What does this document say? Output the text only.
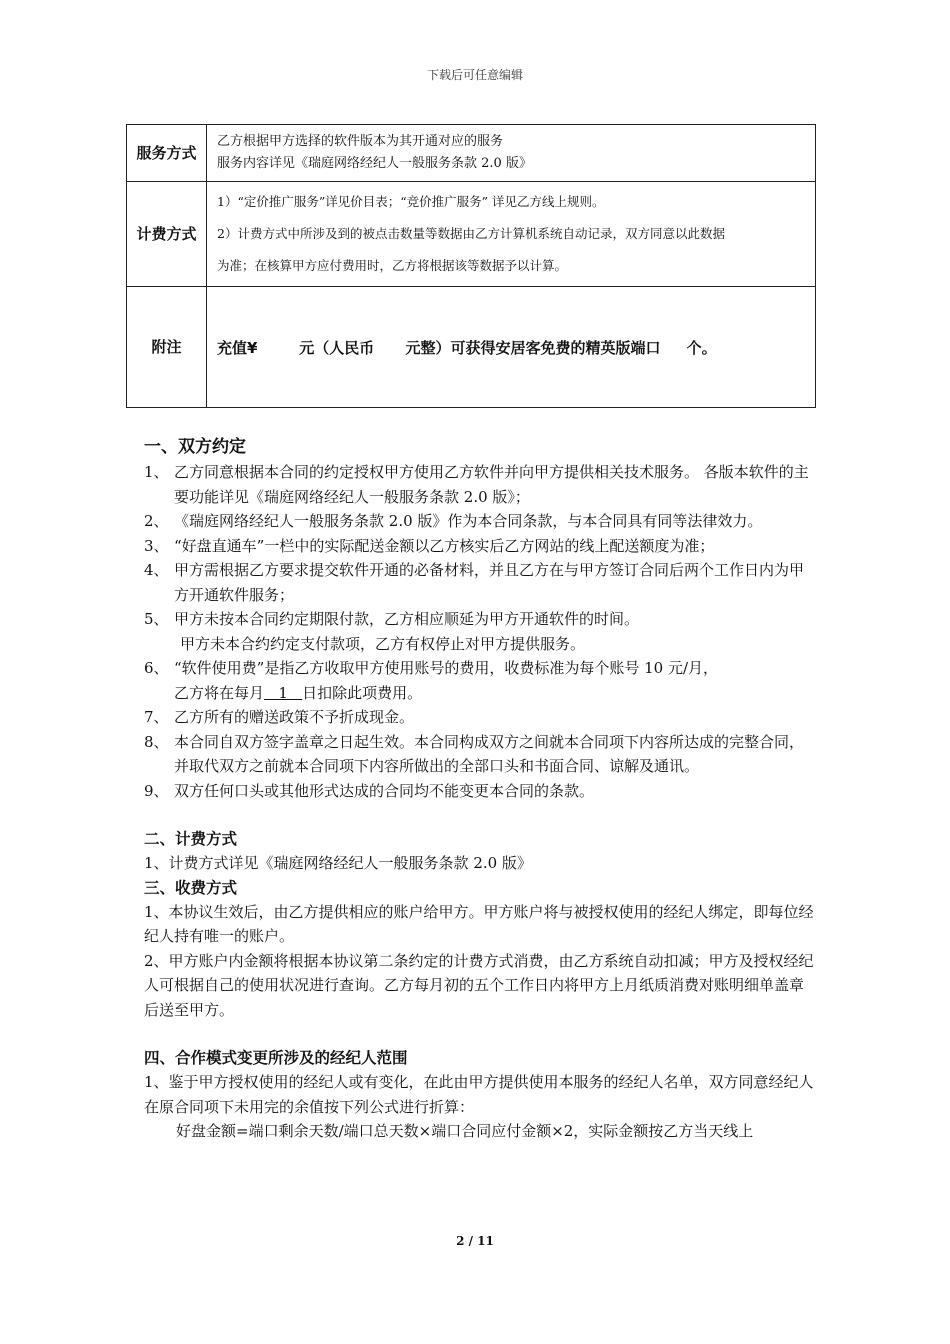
下载后可任意编辑
服务方式	乙方根据甲方选择的软件版本为其开通对应的服务

服务内容详见《瑞庭网络经纪人一般服务条款 2.0 版》

计费方式	1）“定价推广服务”详见价目表；“竞价推广服务” 详见乙方线上规则。

2）计费方式中所涉及到的被点击数量等数据由乙方计算机系统自动记录，双方同意以此数据

为准；在核算甲方应付费用时，乙方将根据该等数据予以计算。

附注	充值¥        元（人民币      元整）可获得安居客免费的精英版端口     个。
一、双方约定
1、 乙方同意根据本合同的约定授权甲方使用乙方软件并向甲方提供相关技术服务。 各版本软件的主要功能详见《瑞庭网络经纪人一般服务条款 2.0 版》；
2、 《瑞庭网络经纪人一般服务条款 2.0 版》作为本合同条款，与本合同具有同等法律效力。
3、 “好盘直通车”一栏中的实际配送金额以乙方核实后乙方网站的线上配送额度为准；
4、 甲方需根据乙方要求提交软件开通的必备材料，并且乙方在与甲方签订合同后两个工作日内为甲方开通软件服务；
5、 甲方未按本合同约定期限付款，乙方相应顺延为甲方开通软件的时间。
甲方未本合约约定支付款项，乙方有权停止对甲方提供服务。
6、 “软件使用费”是指乙方收取甲方使用账号的费用，收费标准为每个账号 10 元/月，
乙方将在每月   1   日扣除此项费用。
7、 乙方所有的赠送政策不予折成现金。
8、 本合同自双方签字盖章之日起生效。本合同构成双方之间就本合同项下内容所达成的完整合同，并取代双方之前就本合同项下内容所做出的全部口头和书面合同、谅解及通讯。
9、 双方任何口头或其他形式达成的合同均不能变更本合同的条款。
二、计费方式
1、计费方式详见《瑞庭网络经纪人一般服务条款 2.0 版》
三、收费方式
1、本协议生效后，由乙方提供相应的账户给甲方。甲方账户将与被授权使用的经纪人绑定，即每位经纪人持有唯一的账户。
2、甲方账户内金额将根据本协议第二条约定的计费方式消费，由乙方系统自动扣减；甲方及授权经纪人可根据自己的使用状况进行查询。乙方每月初的五个工作日内将甲方上月纸质消费对账明细单盖章后送至甲方。
四、合作模式变更所涉及的经纪人范围
1、鉴于甲方授权使用的经纪人或有变化，在此由甲方提供使用本服务的经纪人名单，双方同意经纪人在原合同项下未用完的余值按下列公式进行折算：
好盘金额=端口剩余天数/端口总天数×端口合同应付金额×2，实际金额按乙方当天线上
2 / 11
